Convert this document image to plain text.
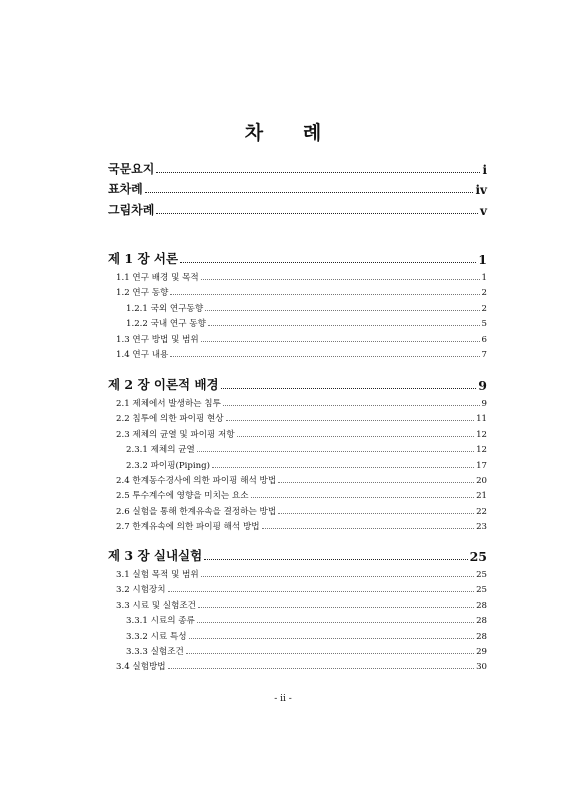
차      례
국문요지	i
표차례	iv
그림차례	v
제 1 장 서론	1
1.1 연구 배경 및 목적	1
1.2 연구 동향	2
1.2.1 국외 연구동향	2
1.2.2 국내 연구 동향	5
1.3 연구 방법 및 범위	6
1.4 연구 내용	7
제 2 장 이론적 배경	9
2.1 제체에서 발생하는 침투	9
2.2 침투에 의한 파이핑 현상	11
2.3 제체의 균열 및 파이핑 저항	12
2.3.1 제체의 균열	12
2.3.2 파이핑(Piping)	17
2.4 한계동수경사에 의한 파이핑 해석 방법	20
2.5 투수계수에 영향을 미치는 요소	21
2.6 실험을 통해 한계유속을 결정하는 방법	22
2.7 한계유속에 의한 파이핑 해석 방법	23
제 3 장 실내실험	25
3.1 실험 목적 및 범위	25
3.2 시험장치	25
3.3 시료 및 실험조건	28
3.3.1 시료의 종류	28
3.3.2 시료 특성	28
3.3.3 실험조건	29
3.4 실험방법	30
- ii -
